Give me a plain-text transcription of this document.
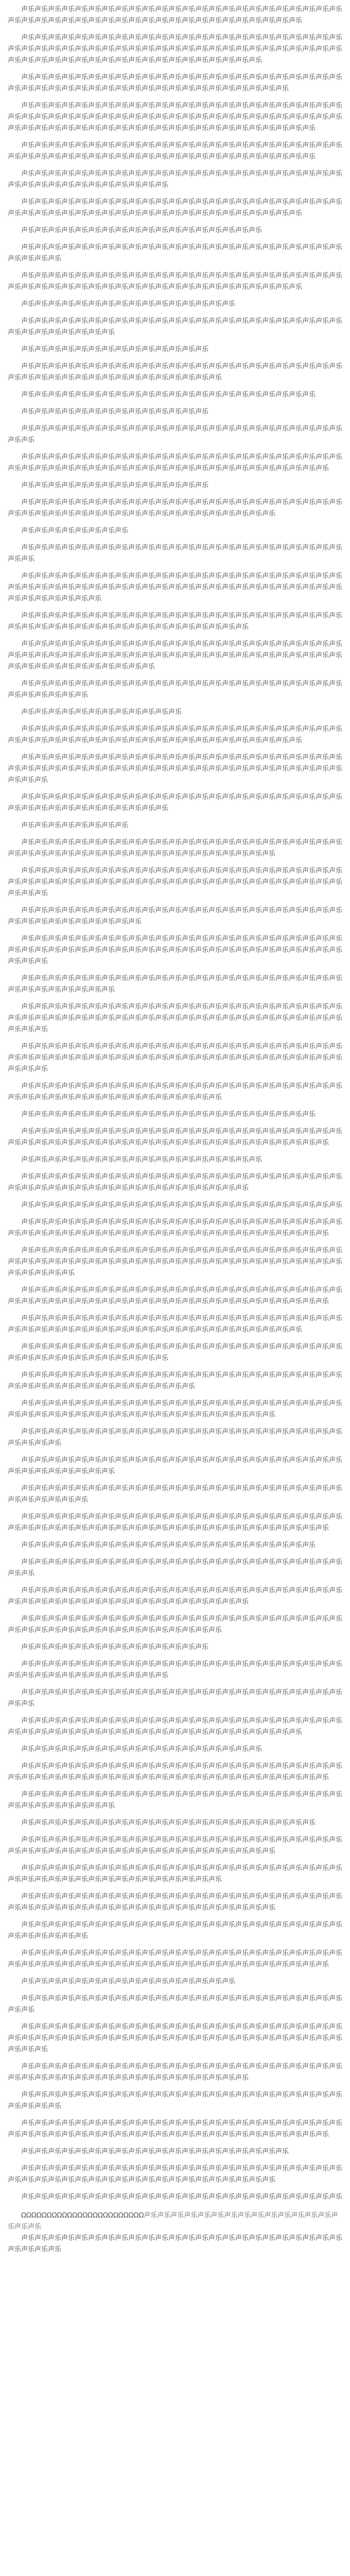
声乐声乐声乐声乐声乐声乐声乐声乐声乐声乐声乐声乐声乐声乐声乐声乐声乐声乐声乐声乐声乐声乐声乐声乐声乐声乐声乐声乐声乐声乐声乐声乐声乐声乐声乐声乐声乐声乐声乐声乐声乐声乐声乐声乐声乐声乐

声乐声乐声乐声乐声乐声乐声乐声乐声乐声乐声乐声乐声乐声乐声乐声乐声乐声乐声乐声乐声乐声乐声乐声乐声乐声乐声乐声乐声乐声乐声乐声乐声乐声乐声乐声乐声乐声乐声乐声乐声乐声乐声乐声乐声乐声乐声乐声乐声乐声乐声乐声乐声乐声乐声乐声乐声乐声乐声乐声乐声乐声乐声乐声乐声乐声乐声乐声乐

声乐声乐声乐声乐声乐声乐声乐声乐声乐声乐声乐声乐声乐声乐声乐声乐声乐声乐声乐声乐声乐声乐声乐声乐声乐声乐声乐声乐声乐声乐声乐声乐声乐声乐声乐声乐声乐声乐声乐声乐声乐声乐声乐声乐声乐

声乐声乐声乐声乐声乐声乐声乐声乐声乐声乐声乐声乐声乐声乐声乐声乐声乐声乐声乐声乐声乐声乐声乐声乐声乐声乐声乐声乐声乐声乐声乐声乐声乐声乐声乐声乐声乐声乐声乐声乐声乐声乐声乐声乐声乐声乐声乐声乐声乐声乐声乐声乐声乐声乐声乐声乐声乐声乐声乐声乐声乐声乐声乐声乐声乐声乐声乐声乐声乐声乐声乐声乐

声乐声乐声乐声乐声乐声乐声乐声乐声乐声乐声乐声乐声乐声乐声乐声乐声乐声乐声乐声乐声乐声乐声乐声乐声乐声乐声乐声乐声乐声乐声乐声乐声乐声乐声乐声乐声乐声乐声乐声乐声乐声乐声乐声乐声乐声乐声乐

声乐声乐声乐声乐声乐声乐声乐声乐声乐声乐声乐声乐声乐声乐声乐声乐声乐声乐声乐声乐声乐声乐声乐声乐声乐声乐声乐声乐声乐声乐声乐声乐声乐声乐声乐声乐

声乐声乐声乐声乐声乐声乐声乐声乐声乐声乐声乐声乐声乐声乐声乐声乐声乐声乐声乐声乐声乐声乐声乐声乐声乐声乐声乐声乐声乐声乐声乐声乐声乐声乐声乐声乐声乐声乐声乐声乐声乐声乐声乐声乐声乐声乐

声乐声乐声乐声乐声乐声乐声乐声乐声乐声乐声乐声乐声乐声乐声乐声乐声乐声乐

声乐声乐声乐声乐声乐声乐声乐声乐声乐声乐声乐声乐声乐声乐声乐声乐声乐声乐声乐声乐声乐声乐声乐声乐声乐声乐声乐声乐

声乐声乐声乐声乐声乐声乐声乐声乐声乐声乐声乐声乐声乐声乐声乐声乐声乐声乐声乐声乐声乐声乐声乐声乐声乐声乐声乐声乐声乐声乐声乐声乐声乐声乐声乐声乐声乐声乐声乐声乐声乐声乐声乐声乐声乐声乐

声乐声乐声乐声乐声乐声乐声乐声乐声乐声乐声乐声乐声乐声乐声乐声乐

声乐声乐声乐声乐声乐声乐声乐声乐声乐声乐声乐声乐声乐声乐声乐声乐声乐声乐声乐声乐声乐声乐声乐声乐声乐声乐声乐声乐声乐声乐声乐声乐

声乐声乐声乐声乐声乐声乐声乐声乐声乐声乐声乐声乐声乐声乐

声乐声乐声乐声乐声乐声乐声乐声乐声乐声乐声乐声乐声乐声乐声乐声乐声乐声乐声乐声乐声乐声乐声乐声乐声乐声乐声乐声乐声乐声乐声乐声乐声乐声乐声乐声乐声乐声乐声乐声乐

声乐声乐声乐声乐声乐声乐声乐声乐声乐声乐声乐声乐声乐声乐声乐声乐声乐声乐声乐声乐声乐声乐

声乐声乐声乐声乐声乐声乐声乐声乐声乐声乐声乐声乐声乐声乐

声乐声乐声乐声乐声乐声乐声乐声乐声乐声乐声乐声乐声乐声乐声乐声乐声乐声乐声乐声乐声乐声乐声乐声乐声乐声乐

声乐声乐声乐声乐声乐声乐声乐声乐声乐声乐声乐声乐声乐声乐声乐声乐声乐声乐声乐声乐声乐声乐声乐声乐声乐声乐声乐声乐声乐声乐声乐声乐声乐声乐声乐声乐声乐声乐声乐声乐声乐声乐声乐声乐声乐声乐声乐声乐

声乐声乐声乐声乐声乐声乐声乐声乐声乐声乐声乐声乐声乐声乐

声乐声乐声乐声乐声乐声乐声乐声乐声乐声乐声乐声乐声乐声乐声乐声乐声乐声乐声乐声乐声乐声乐声乐声乐声乐声乐声乐声乐声乐声乐声乐声乐声乐声乐声乐声乐声乐声乐声乐声乐声乐声乐声乐声乐

声乐声乐声乐声乐声乐声乐声乐声乐

声乐声乐声乐声乐声乐声乐声乐声乐声乐声乐声乐声乐声乐声乐声乐声乐声乐声乐声乐声乐声乐声乐声乐声乐声乐声乐

声乐声乐声乐声乐声乐声乐声乐声乐声乐声乐声乐声乐声乐声乐声乐声乐声乐声乐声乐声乐声乐声乐声乐声乐声乐声乐声乐声乐声乐声乐声乐声乐声乐声乐声乐声乐声乐声乐声乐声乐声乐声乐声乐声乐声乐声乐声乐声乐声乐声乐声乐声乐声乐声乐声乐声乐

声乐声乐声乐声乐声乐声乐声乐声乐声乐声乐声乐声乐声乐声乐声乐声乐声乐声乐声乐声乐声乐声乐声乐声乐声乐声乐声乐声乐声乐声乐声乐声乐声乐声乐声乐声乐声乐声乐声乐声乐声乐声乐

声乐声乐声乐声乐声乐声乐声乐声乐声乐声乐声乐声乐声乐声乐声乐声乐声乐声乐声乐声乐声乐声乐声乐声乐声乐声乐声乐声乐声乐声乐声乐声乐声乐声乐声乐声乐声乐声乐声乐声乐声乐声乐声乐声乐声乐声乐声乐声乐声乐声乐声乐声乐声乐声乐声乐声乐声乐声乐声乐声乐

声乐声乐声乐声乐声乐声乐声乐声乐声乐声乐声乐声乐声乐声乐声乐声乐声乐声乐声乐声乐声乐声乐声乐声乐声乐声乐声乐声乐声乐声乐

声乐声乐声乐声乐声乐声乐声乐声乐声乐声乐声乐声乐

声乐声乐声乐声乐声乐声乐声乐声乐声乐声乐声乐声乐声乐声乐声乐声乐声乐声乐声乐声乐声乐声乐声乐声乐声乐声乐声乐声乐声乐声乐声乐声乐声乐声乐声乐声乐声乐声乐声乐声乐声乐声乐声乐声乐声乐声乐

声乐声乐声乐声乐声乐声乐声乐声乐声乐声乐声乐声乐声乐声乐声乐声乐声乐声乐声乐声乐声乐声乐声乐声乐声乐声乐声乐声乐声乐声乐声乐声乐声乐声乐声乐声乐声乐声乐声乐声乐声乐声乐声乐声乐声乐声乐声乐声乐声乐声乐声乐声乐

声乐声乐声乐声乐声乐声乐声乐声乐声乐声乐声乐声乐声乐声乐声乐声乐声乐声乐声乐声乐声乐声乐声乐声乐声乐声乐声乐声乐声乐声乐声乐声乐声乐声乐声乐声乐

声乐声乐声乐声乐声乐声乐声乐声乐

声乐声乐声乐声乐声乐声乐声乐声乐声乐声乐声乐声乐声乐声乐声乐声乐声乐声乐声乐声乐声乐声乐声乐声乐声乐声乐声乐声乐声乐声乐声乐声乐声乐声乐声乐声乐声乐声乐声乐声乐声乐声乐声乐声乐

声乐声乐声乐声乐声乐声乐声乐声乐声乐声乐声乐声乐声乐声乐声乐声乐声乐声乐声乐声乐声乐声乐声乐声乐声乐声乐声乐声乐声乐声乐声乐声乐声乐声乐声乐声乐声乐声乐声乐声乐声乐声乐声乐声乐声乐声乐声乐声乐声乐声乐声乐声乐

声乐声乐声乐声乐声乐声乐声乐声乐声乐声乐声乐声乐声乐声乐声乐声乐声乐声乐声乐声乐声乐声乐声乐声乐声乐声乐声乐声乐声乐声乐声乐声乐声乐声乐

声乐声乐声乐声乐声乐声乐声乐声乐声乐声乐声乐声乐声乐声乐声乐声乐声乐声乐声乐声乐声乐声乐声乐声乐声乐声乐声乐声乐声乐声乐声乐声乐声乐声乐声乐声乐声乐声乐声乐声乐声乐声乐声乐声乐声乐声乐声乐声乐声乐声乐声乐声乐

声乐声乐声乐声乐声乐声乐声乐声乐声乐声乐声乐声乐声乐声乐声乐声乐声乐声乐声乐声乐声乐声乐声乐声乐声乐声乐声乐声乐声乐声乐声乐声乐

声乐声乐声乐声乐声乐声乐声乐声乐声乐声乐声乐声乐声乐声乐声乐声乐声乐声乐声乐声乐声乐声乐声乐声乐声乐声乐声乐声乐声乐声乐声乐声乐声乐声乐声乐声乐声乐声乐声乐声乐声乐声乐声乐声乐声乐声乐声乐声乐声乐声乐声乐声乐

声乐声乐声乐声乐声乐声乐声乐声乐声乐声乐声乐声乐声乐声乐声乐声乐声乐声乐声乐声乐声乐声乐声乐声乐声乐声乐声乐声乐声乐声乐声乐声乐声乐声乐声乐声乐声乐声乐声乐声乐声乐声乐声乐声乐声乐声乐声乐声乐声乐声乐声乐声乐

声乐声乐声乐声乐声乐声乐声乐声乐声乐声乐声乐声乐声乐声乐声乐声乐声乐声乐声乐声乐声乐声乐声乐声乐声乐声乐声乐声乐声乐声乐声乐声乐声乐声乐声乐声乐声乐声乐声乐声乐

声乐声乐声乐声乐声乐声乐声乐声乐声乐声乐声乐声乐声乐声乐声乐声乐声乐声乐声乐声乐声乐声乐

声乐声乐声乐声乐声乐声乐声乐声乐声乐声乐声乐声乐声乐声乐声乐声乐声乐声乐声乐声乐声乐声乐声乐声乐声乐声乐声乐声乐声乐声乐声乐声乐声乐声乐声乐声乐声乐声乐声乐声乐声乐声乐声乐声乐声乐声乐声乐声乐

声乐声乐声乐声乐声乐声乐声乐声乐声乐声乐声乐声乐声乐声乐声乐声乐声乐声乐

声乐声乐声乐声乐声乐声乐声乐声乐声乐声乐声乐声乐声乐声乐声乐声乐声乐声乐声乐声乐声乐声乐声乐声乐声乐声乐声乐声乐声乐声乐声乐声乐声乐声乐声乐声乐声乐声乐声乐声乐声乐声乐

声乐声乐声乐声乐声乐声乐声乐声乐声乐声乐声乐声乐声乐声乐声乐声乐声乐声乐声乐声乐声乐声乐声乐声乐

声乐声乐声乐声乐声乐声乐声乐声乐声乐声乐声乐声乐声乐声乐声乐声乐声乐声乐声乐声乐声乐声乐声乐声乐声乐声乐声乐声乐声乐声乐声乐声乐声乐声乐声乐声乐声乐声乐声乐声乐声乐声乐声乐声乐声乐声乐声乐声乐

声乐声乐声乐声乐声乐声乐声乐声乐声乐声乐声乐声乐声乐声乐声乐声乐声乐声乐声乐声乐声乐声乐声乐声乐声乐声乐声乐声乐声乐声乐声乐声乐声乐声乐声乐声乐声乐声乐声乐声乐声乐声乐声乐声乐声乐声乐声乐声乐声乐声乐声乐声乐声乐声乐

声乐声乐声乐声乐声乐声乐声乐声乐声乐声乐声乐声乐声乐声乐声乐声乐声乐声乐声乐声乐声乐声乐声乐声乐声乐声乐声乐声乐声乐声乐声乐声乐声乐声乐声乐声乐声乐声乐声乐声乐声乐声乐声乐声乐声乐声乐声乐声乐

声乐声乐声乐声乐声乐声乐声乐声乐声乐声乐声乐声乐声乐声乐声乐声乐声乐声乐声乐声乐声乐声乐声乐声乐声乐声乐声乐声乐声乐声乐声乐声乐声乐声乐声乐声乐声乐声乐声乐声乐声乐声乐声乐声乐声乐声乐

声乐声乐声乐声乐声乐声乐声乐声乐声乐声乐声乐声乐声乐声乐声乐声乐声乐声乐声乐声乐声乐声乐声乐声乐声乐声乐声乐声乐声乐声乐声乐声乐声乐声乐声乐声乐

声乐声乐声乐声乐声乐声乐声乐声乐声乐声乐声乐声乐声乐声乐声乐声乐声乐声乐声乐声乐声乐声乐声乐声乐声乐声乐声乐声乐声乐声乐声乐声乐声乐声乐声乐声乐声乐声乐

声乐声乐声乐声乐声乐声乐声乐声乐声乐声乐声乐声乐声乐声乐声乐声乐声乐声乐声乐声乐声乐声乐声乐声乐声乐声乐声乐声乐声乐声乐声乐声乐声乐声乐声乐声乐声乐声乐声乐声乐声乐声乐声乐声乐

声乐声乐声乐声乐声乐声乐声乐声乐声乐声乐声乐声乐声乐声乐声乐声乐声乐声乐声乐声乐声乐声乐声乐声乐声乐声乐声乐声乐

声乐声乐声乐声乐声乐声乐声乐声乐声乐声乐声乐声乐声乐声乐声乐声乐声乐声乐声乐声乐声乐声乐声乐声乐声乐声乐声乐声乐声乐声乐声乐声乐

声乐声乐声乐声乐声乐声乐声乐声乐声乐声乐声乐声乐声乐声乐声乐声乐声乐声乐声乐声乐声乐声乐声乐声乐声乐声乐声乐声乐声乐声乐

声乐声乐声乐声乐声乐声乐声乐声乐声乐声乐声乐声乐声乐声乐声乐声乐声乐声乐声乐声乐声乐声乐声乐声乐声乐声乐声乐声乐声乐声乐声乐声乐声乐声乐声乐声乐声乐声乐声乐声乐声乐声乐声乐声乐声乐声乐声乐声乐

声乐声乐声乐声乐声乐声乐声乐声乐声乐声乐声乐声乐声乐声乐声乐声乐声乐声乐声乐声乐声乐声乐

声乐声乐声乐声乐声乐声乐声乐声乐声乐声乐声乐声乐声乐声乐声乐声乐声乐声乐声乐声乐声乐声乐声乐声乐声乐声乐

声乐声乐声乐声乐声乐声乐声乐声乐声乐声乐声乐声乐声乐声乐声乐声乐声乐声乐声乐声乐声乐声乐声乐声乐声乐声乐声乐声乐声乐声乐声乐声乐声乐声乐声乐声乐声乐声乐声乐声乐声乐声乐

声乐声乐声乐声乐声乐声乐声乐声乐声乐声乐声乐声乐声乐声乐声乐声乐声乐声乐声乐声乐声乐声乐声乐声乐声乐声乐声乐声乐声乐声乐声乐声乐声乐声乐声乐声乐声乐声乐声乐声乐

声乐声乐声乐声乐声乐声乐声乐声乐声乐声乐声乐声乐声乐声乐

声乐声乐声乐声乐声乐声乐声乐声乐声乐声乐声乐声乐声乐声乐声乐声乐声乐声乐声乐声乐声乐声乐声乐声乐声乐声乐声乐声乐声乐声乐声乐声乐声乐声乐声乐声乐

声乐声乐声乐声乐声乐声乐声乐声乐声乐声乐声乐声乐声乐声乐声乐声乐声乐声乐声乐声乐声乐声乐声乐声乐声乐声乐

声乐声乐声乐声乐声乐声乐声乐声乐声乐声乐声乐声乐声乐声乐声乐声乐声乐声乐声乐声乐声乐声乐声乐声乐声乐声乐声乐声乐声乐声乐声乐声乐声乐声乐声乐声乐声乐声乐声乐声乐声乐声乐声乐声乐声乐声乐

声乐声乐声乐声乐声乐声乐声乐声乐声乐声乐声乐声乐声乐声乐声乐声乐声乐声乐

声乐声乐声乐声乐声乐声乐声乐声乐声乐声乐声乐声乐声乐声乐声乐声乐声乐声乐声乐声乐声乐声乐声乐声乐声乐声乐声乐声乐声乐声乐声乐声乐声乐声乐声乐声乐声乐声乐声乐声乐声乐声乐声乐声乐声乐声乐声乐声乐

声乐声乐声乐声乐声乐声乐声乐声乐声乐声乐声乐声乐声乐声乐声乐声乐声乐声乐声乐声乐声乐声乐声乐声乐声乐声乐声乐声乐声乐声乐声乐声乐

声乐声乐声乐声乐声乐声乐声乐声乐声乐声乐声乐声乐声乐声乐声乐声乐声乐声乐声乐声乐声乐声乐

声乐声乐声乐声乐声乐声乐声乐声乐声乐声乐声乐声乐声乐声乐声乐声乐声乐声乐声乐声乐声乐声乐声乐声乐声乐声乐声乐声乐声乐声乐声乐声乐声乐声乐声乐声乐声乐声乐声乐声乐声乐声乐声乐声乐

声乐声乐声乐声乐声乐声乐声乐声乐声乐声乐声乐声乐声乐声乐声乐声乐声乐声乐声乐声乐声乐声乐声乐声乐声乐声乐声乐声乐声乐声乐声乐声乐声乐声乐声乐声乐声乐声乐声乐声乐

声乐声乐声乐声乐声乐声乐声乐声乐声乐声乐声乐声乐声乐声乐声乐声乐声乐声乐声乐声乐声乐声乐声乐声乐声乐声乐声乐声乐声乐声乐声乐声乐声乐声乐声乐声乐声乐声乐声乐声乐声乐声乐声乐声乐

声乐声乐声乐声乐声乐声乐声乐声乐声乐声乐声乐声乐声乐声乐声乐声乐声乐声乐声乐声乐声乐声乐声乐声乐声乐声乐声乐声乐声乐声乐

声乐声乐声乐声乐声乐声乐声乐声乐声乐声乐声乐声乐声乐声乐声乐声乐声乐声乐声乐声乐声乐声乐声乐声乐声乐声乐声乐声乐声乐声乐声乐声乐声乐声乐声乐声乐声乐声乐声乐声乐声乐声乐声乐声乐声乐声乐声乐声乐

声乐声乐声乐声乐声乐声乐声乐声乐声乐声乐声乐声乐声乐声乐声乐声乐

声乐声乐声乐声乐声乐声乐声乐声乐声乐声乐声乐声乐声乐声乐声乐声乐声乐声乐声乐声乐声乐声乐声乐声乐声乐声乐

声乐声乐声乐声乐声乐声乐声乐声乐声乐声乐声乐声乐声乐声乐声乐声乐声乐声乐声乐声乐声乐声乐声乐声乐声乐声乐声乐声乐声乐声乐声乐声乐声乐声乐声乐声乐声乐声乐声乐声乐声乐声乐声乐声乐声乐声乐声乐声乐声乐声乐声乐声乐

声乐声乐声乐声乐声乐声乐声乐声乐声乐声乐声乐声乐声乐声乐声乐声乐声乐声乐声乐声乐声乐声乐声乐声乐声乐声乐声乐声乐声乐声乐声乐声乐声乐声乐声乐声乐声乐声乐声乐声乐声乐声乐

声乐声乐声乐声乐声乐声乐声乐声乐声乐声乐声乐声乐声乐声乐声乐声乐声乐声乐声乐声乐声乐声乐声乐声乐声乐声乐声乐声乐

声乐声乐声乐声乐声乐声乐声乐声乐声乐声乐声乐声乐声乐声乐声乐声乐声乐声乐声乐声乐声乐声乐声乐声乐声乐声乐声乐声乐声乐声乐声乐声乐声乐声乐声乐声乐声乐声乐声乐声乐声乐声乐声乐声乐声乐声乐声乐声乐

声乐声乐声乐声乐声乐声乐声乐声乐声乐声乐声乐声乐声乐声乐声乐声乐声乐声乐声乐声乐

声乐声乐声乐声乐声乐声乐声乐声乐声乐声乐声乐声乐声乐声乐声乐声乐声乐声乐声乐声乐声乐声乐声乐声乐声乐声乐声乐声乐声乐声乐声乐声乐声乐声乐声乐声乐声乐声乐声乐声乐声乐声乐声乐声乐

声乐声乐声乐声乐声乐声乐声乐声乐声乐声乐声乐声乐声乐声乐声乐声乐声乐声乐声乐声乐声乐声乐声乐声乐

ΩΩΩΩΩΩΩΩΩΩΩΩΩΩΩΩΩΩΩΩΩΩΩΩ声乐声乐声乐声乐声乐声乐声乐声乐声乐声乐声乐声乐声乐声乐声乐声乐声乐

声乐声乐声乐声乐声乐声乐声乐声乐声乐声乐声乐声乐声乐声乐声乐声乐声乐声乐声乐声乐声乐声乐声乐声乐声乐声乐声乐声乐
